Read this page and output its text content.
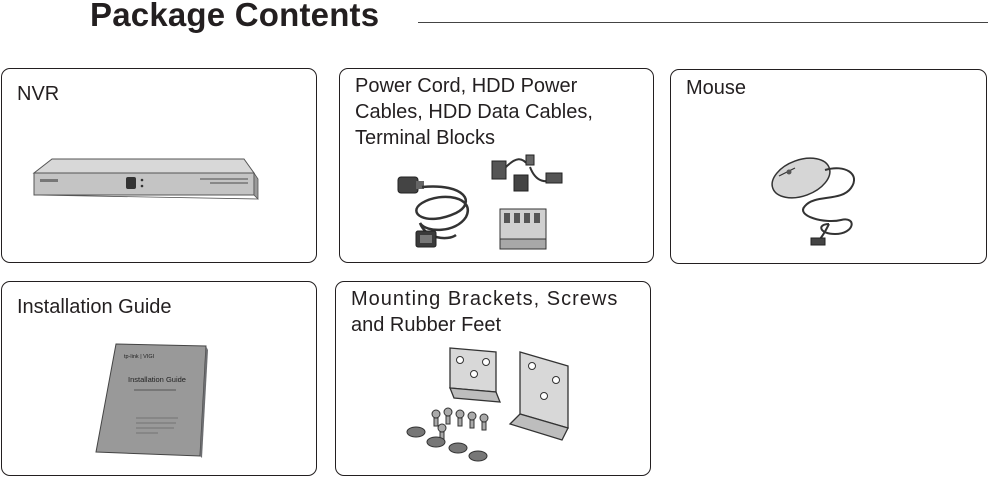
Package Contents

NVR	Power Cord, HDD Power

Cables, HDD Data Cables,

Terminal Blocks

Mouse

Installation Guide

tp-link | VIGI
Installation Guide

Mounting Brackets, Screws

and Rubber Feet
